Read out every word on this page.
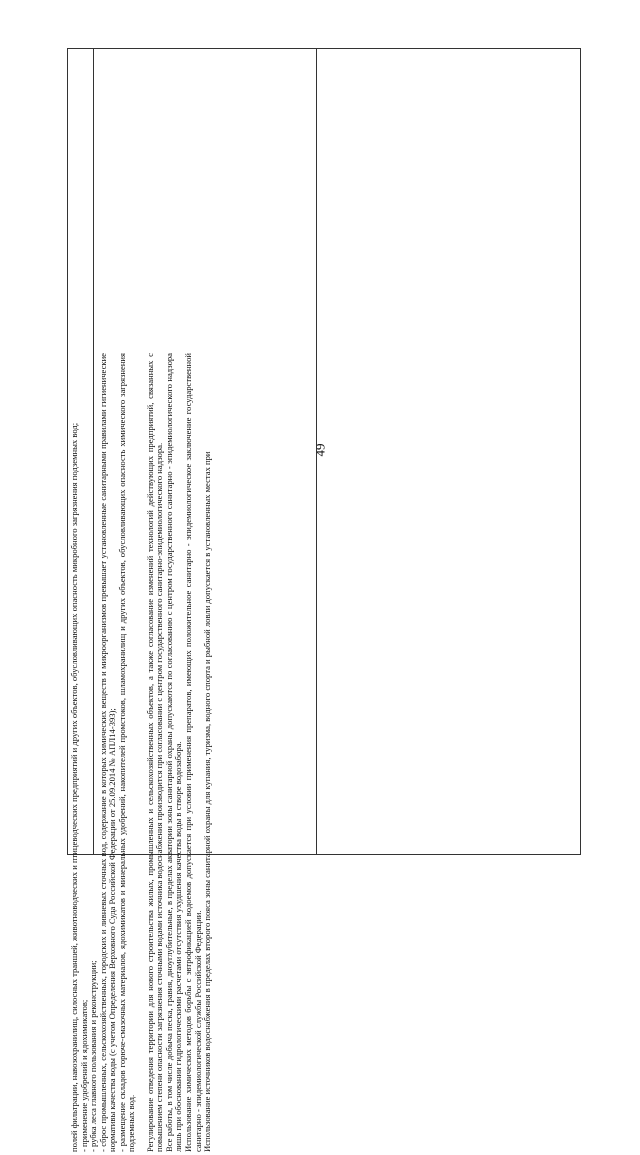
49

полей фильтрации, навозохранилищ, силосных траншей, животноводческих и птицеводческих предприятий и других объектов, обусловливающих опасность микробного загрязнения подземных вод; - применение удобрений и ядохимикатов; - рубка леса главного пользования и реконструкции; - сброс промышленных, сельскохозяйственных, городских и ливневых сточных вод, содержание в которых химических веществ и микроорганизмов превышает установленные санитарными правилами гигиенические нормативы качества воды (с учетом Определения Верховного Суда Российской Федерации от 25.09.2014 № АПЛ14-393); - размещение складов горюче-смазочных материалов, ядохимикатов и минеральных удобрений, накопителей промстоков, шламохранилищ и других объектов, обусловливающих опасность химического загрязнения подземных вод. Регулирование отведения территории для нового строительства жилых, промышленных и сельскохозяйственных объектов, а также согласование изменений технологий действующих предприятий, связанных с повышением степени опасности загрязнения сточными водами источника водоснабжения производится при согласовании с центром государственного санитарно-эпидемиологического надзора. Все работы, в том числе добыча песка, гравия, дноуглубительные, в пределах акватории зоны санитарной охраны допускаются по согласованию с центром государственного санитарно - эпидемиологического надзора лишь при обосновании гидрологическими расчетами отсутствия ухудшения качества воды в створе водозабора. Использование химических методов борьбы с эвтрофикацией водоемов допускается при условии применения препаратов, имеющих положительное санитарно - эпидемиологическое заключение государственной санитарно - эпидемиологической службы Российской Федерации. Использование источников водоснабжения в пределах второго пояса зоны санитарной охраны для купания, туризма, водного спорта и рыбной ловли допускается в установленных местах при
